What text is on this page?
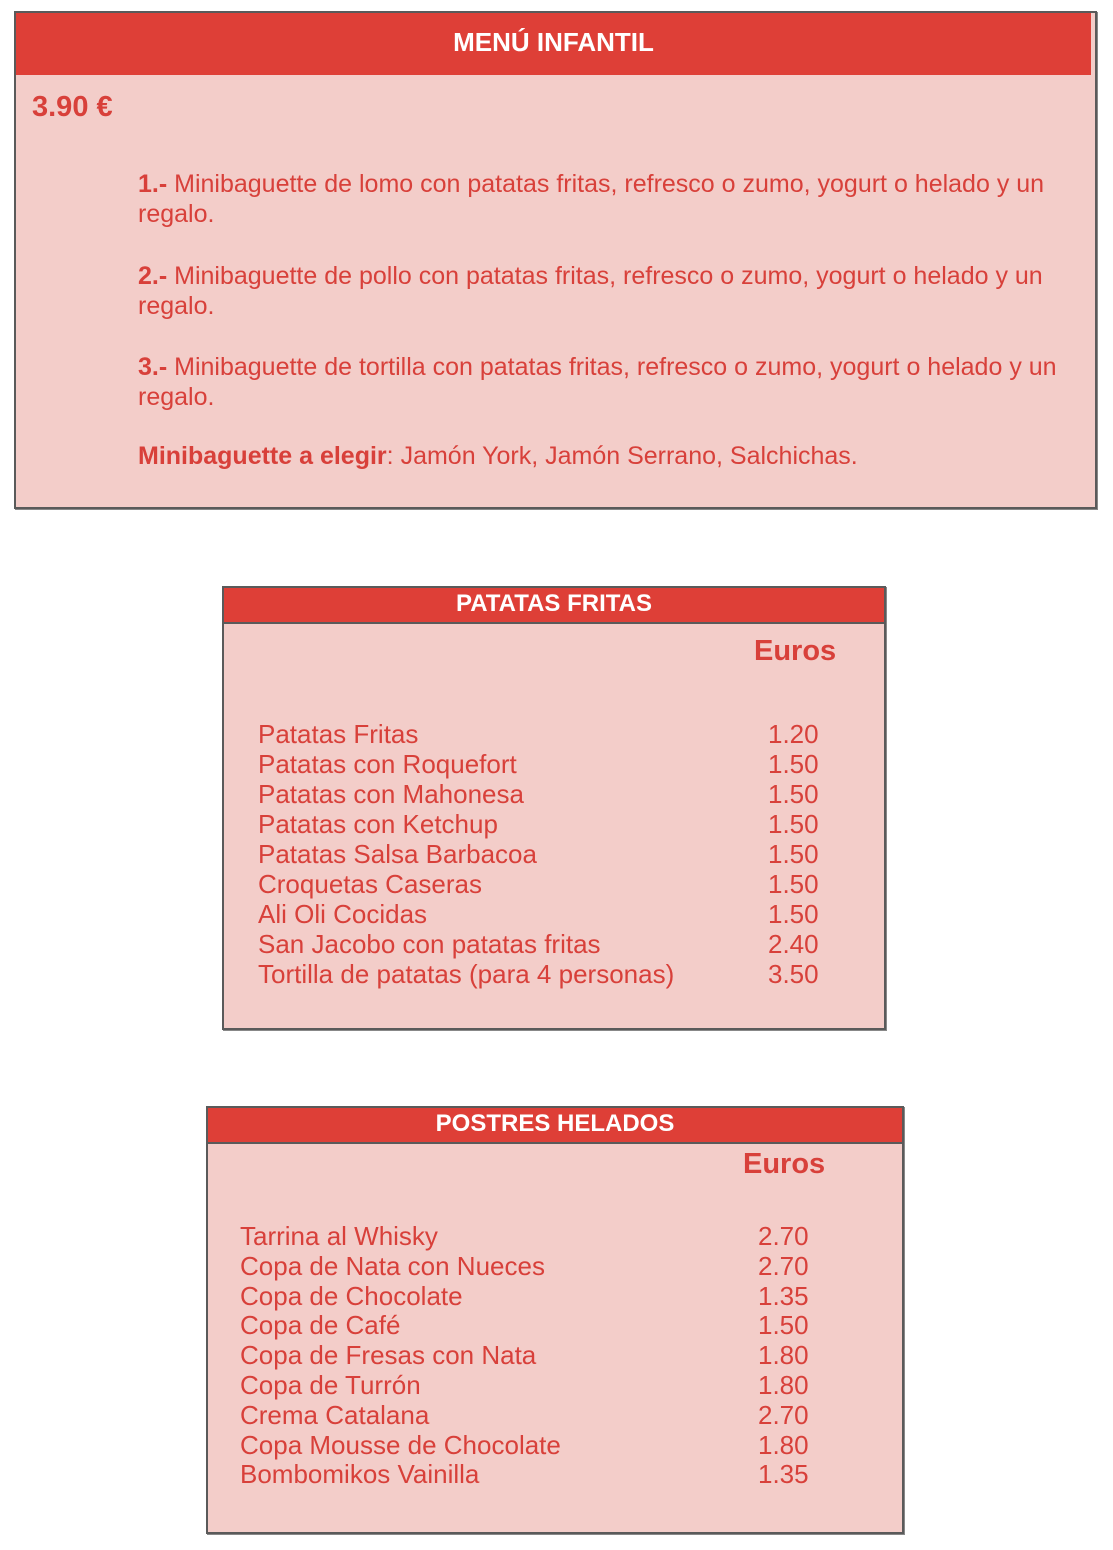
MENÚ INFANTIL
3.90 €
1.- Minibaguette de lomo con patatas fritas, refresco o zumo, yogurt o helado y un regalo.
2.- Minibaguette de pollo con patatas fritas, refresco o zumo, yogurt o helado y un regalo.
3.- Minibaguette de tortilla con patatas fritas, refresco o zumo, yogurt o helado y un regalo.
Minibaguette a elegir: Jamón York, Jamón Serrano, Salchichas.
PATATAS FRITAS
Euros
Patatas Fritas	1.20
Patatas con Roquefort	1.50
Patatas con Mahonesa	1.50
Patatas con Ketchup	1.50
Patatas Salsa Barbacoa	1.50
Croquetas Caseras	1.50
Ali Oli Cocidas	1.50
San Jacobo con patatas fritas	2.40
Tortilla de patatas (para 4 personas)	3.50
POSTRES HELADOS
Euros
Tarrina al Whisky	2.70
Copa de Nata con Nueces	2.70
Copa de Chocolate	1.35
Copa de Café	1.50
Copa de Fresas con Nata	1.80
Copa de Turrón	1.80
Crema Catalana	2.70
Copa Mousse de Chocolate	1.80
Bombomikos Vainilla	1.35
